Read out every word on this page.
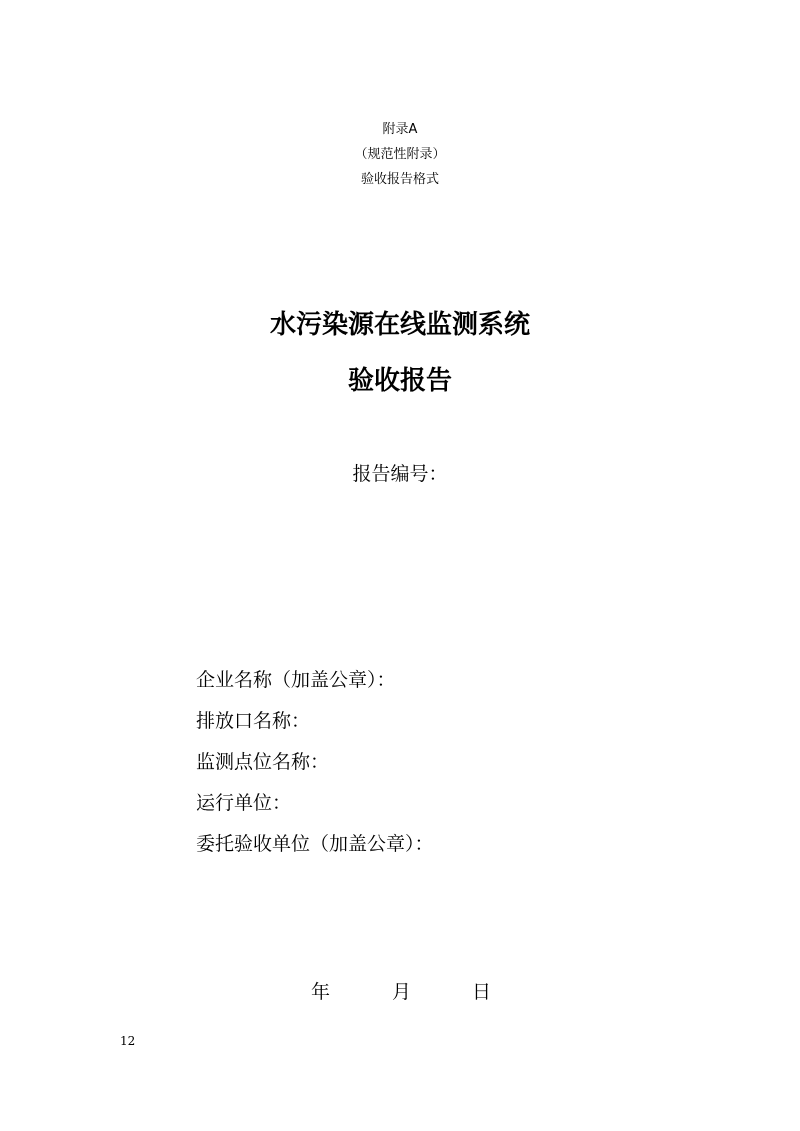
附录A
（规范性附录）
验收报告格式
水污染源在线监测系统
验收报告
报告编号：
企业名称（加盖公章）：
排放口名称：
监测点位名称：
运行单位：
委托验收单位（加盖公章）：
年	月	日
12
